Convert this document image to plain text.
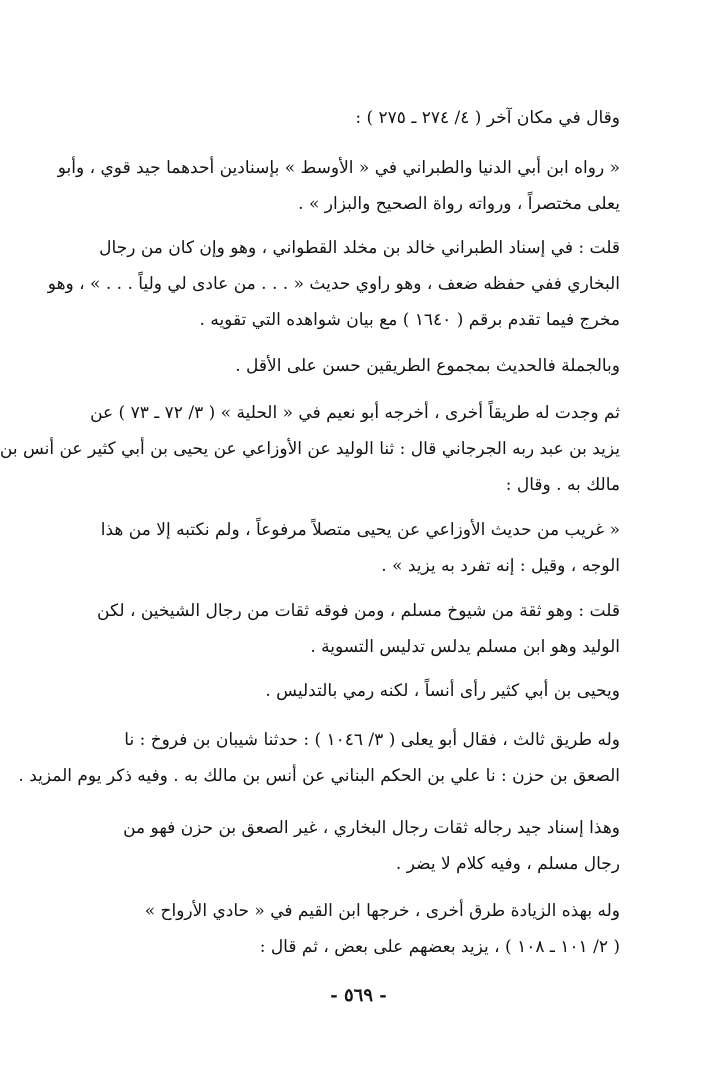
وقال في مكان آخر ( ٤/ ٢٧٤ ـ ٢٧٥ ) :

« رواه ابن أبي الدنيا والطبراني في « الأوسط » بإسنادين أحدهما جيد قوي ، وأبو
يعلى مختصراً ، ورواته رواة الصحيح والبزار » .

قلت : في إسناد الطبراني خالد بن مخلد القطواني ، وهو وإن كان من رجال
البخاري ففي حفظه ضعف ، وهو راوي حديث « . . . من عادى لي ولياً . . . » ، وهو
مخرج فيما تقدم برقم ( ١٦٤٠ ) مع بيان شواهده التي تقويه .

وبالجملة فالحديث بمجموع الطريقين حسن على الأقل .

ثم وجدت له طريقاً أخرى ، أخرجه أبو نعيم في « الحلية » ( ٣/ ٧٢ ـ ٧٣ ) عن
يزيد بن عبد ربه الجرجاني قال : ثنا الوليد عن الأوزاعي عن يحيى بن أبي كثير عن أنس بن
مالك به . وقال :

« غريب من حديث الأوزاعي عن يحيى متصلاً مرفوعاً ، ولم نكتبه إلا من هذا
الوجه ، وقيل : إنه تفرد به يزيد » .

قلت : وهو ثقة من شيوخ مسلم ، ومن فوقه ثقات من رجال الشيخين ، لكن
الوليد وهو ابن مسلم يدلس تدليس التسوية .

ويحيى بن أبي كثير رأى أنساً ، لكنه رمي بالتدليس .

وله طريق ثالث ، فقال أبو يعلى ( ٣/ ١٠٤٦ ) : حدثنا شيبان بن فروخ : نا
الصعق بن حزن : نا علي بن الحكم البناني عن أنس بن مالك به . وفيه ذكر يوم المزيد .

وهذا إسناد جيد رجاله ثقات رجال البخاري ، غير الصعق بن حزن فهو من
رجال مسلم ، وفيه كلام لا يضر .

وله بهذه الزيادة طرق أخرى ، خرجها ابن القيم في « حادي الأرواح »
( ٢/ ١٠١ ـ ١٠٨ ) ، يزيد بعضهم على بعض ، ثم قال :

- ٥٦٩ -
